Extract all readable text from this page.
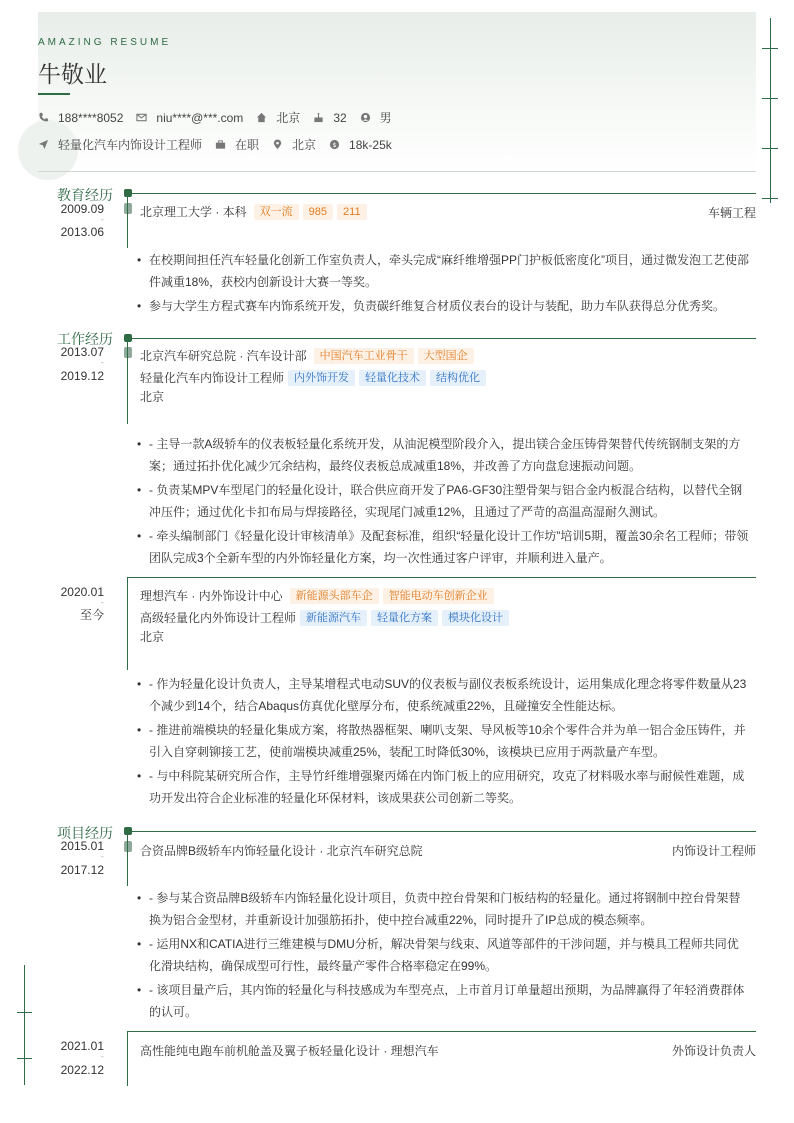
AMAZING RESUME
牛敬业
188****8052	niu****@***.com	北京	32	男
轻量化汽车内饰设计工程师	在职	北京 $ 18k-25k
教育经历
2009.09
-
2013.06
北京理工大学 · 本科	双一流	985	211	车辆工程
• 在校期间担任汽车轻量化创新工作室负责人，牵头完成“麻纤维增强PP门护板低密度化”项目，通过微发泡工艺使部件减重18%，获校内创新设计大赛一等奖。
• 参与大学生方程式赛车内饰系统开发，负责碳纤维复合材质仪表台的设计与装配，助力车队获得总分优秀奖。
工作经历
2013.07
-
2019.12
北京汽车研究总院 · 汽车设计部	中国汽车工业骨干	大型国企
轻量化汽车内饰设计工程师 内外饰开发	轻量化技术	结构优化
北京
• - 主导一款A级轿车的仪表板轻量化系统开发，从油泥模型阶段介入，提出镁合金压铸骨架替代传统钢制支架的方案；通过拓扑优化减少冗余结构，最终仪表板总成减重18%，并改善了方向盘怠速振动问题。
• - 负责某MPV车型尾门的轻量化设计，联合供应商开发了PA6-GF30注塑骨架与铝合金内板混合结构，以替代全钢冲压件；通过优化卡扣布局与焊接路径，实现尾门减重12%，且通过了严苛的高温高湿耐久测试。
• - 牵头编制部门《轻量化设计审核清单》及配套标准，组织“轻量化设计工作坊”培训5期，覆盖30余名工程师；带领团队完成3个全新车型的内外饰轻量化方案，均一次性通过客户评审，并顺利进入量产。
2020.01
-
至今
理想汽车 · 内外饰设计中心	新能源头部车企	智能电动车创新企业
高级轻量化内外饰设计工程师 新能源汽车	轻量化方案	模块化设计
北京
• - 作为轻量化设计负责人，主导某增程式电动SUV的仪表板与副仪表板系统设计，运用集成化理念将零件数量从23个减少到14个，结合Abaqus仿真优化壁厚分布，使系统减重22%，且碰撞安全性能达标。
• - 推进前端模块的轻量化集成方案，将散热器框架、喇叭支架、导风板等10余个零件合并为单一铝合金压铸件，并引入自穿刺铆接工艺，使前端模块减重25%，装配工时降低30%，该模块已应用于两款量产车型。
• - 与中科院某研究所合作，主导竹纤维增强聚丙烯在内饰门板上的应用研究，攻克了材料吸水率与耐候性难题，成功开发出符合企业标准的轻量化环保材料，该成果获公司创新二等奖。
项目经历
2015.01
-
2017.12
合资品牌B级轿车内饰轻量化设计 · 北京汽车研究总院	内饰设计工程师
• - 参与某合资品牌B级轿车内饰轻量化设计项目，负责中控台骨架和门板结构的轻量化。通过将钢制中控台骨架替换为铝合金型材，并重新设计加强筋拓扑，使中控台减重22%，同时提升了IP总成的模态频率。
• - 运用NX和CATIA进行三维建模与DMU分析，解决骨架与线束、风道等部件的干涉问题，并与模具工程师共同优化滑块结构，确保成型可行性，最终量产零件合格率稳定在99%。
• - 该项目量产后，其内饰的轻量化与科技感成为车型亮点，上市首月订单量超出预期，为品牌赢得了年轻消费群体的认可。
2021.01
-
2022.12
高性能纯电跑车前机舱盖及翼子板轻量化设计 · 理想汽车	外饰设计负责人
